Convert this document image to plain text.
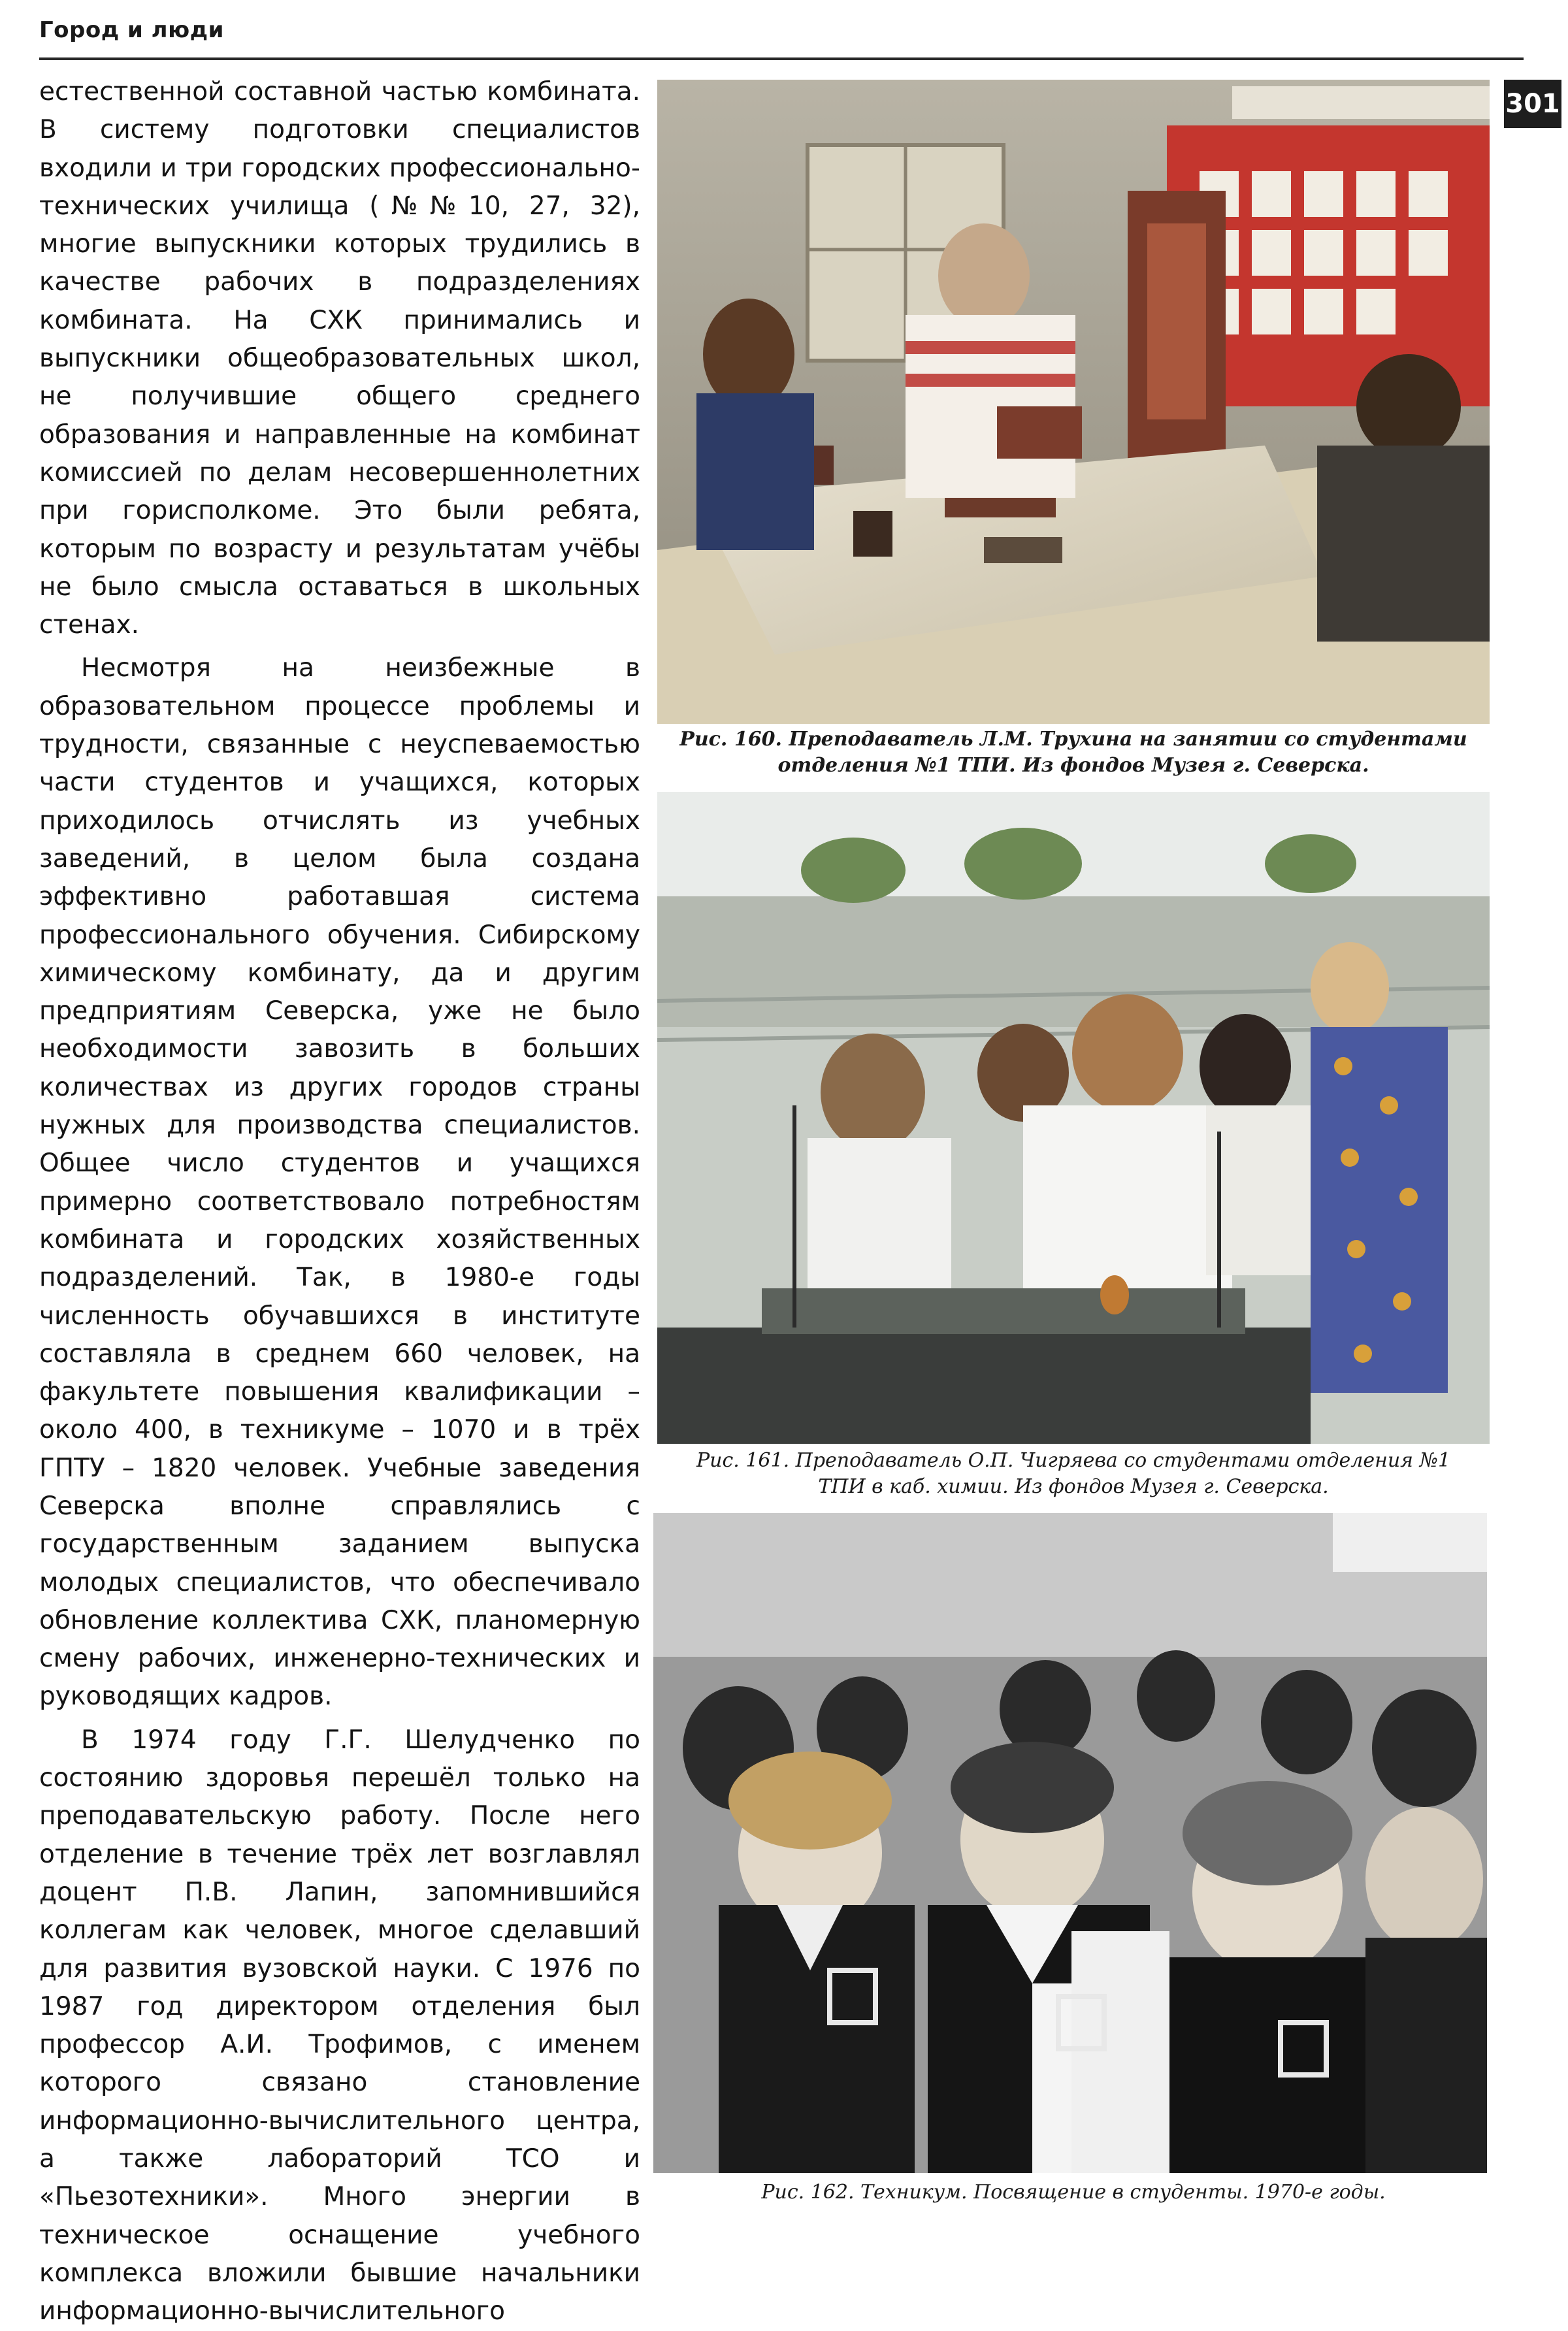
Город и люди
301

естественной составной частью комбината. В систему подготовки специалистов входили и три городских профессионально-технических училища (№№10, 27, 32), многие выпускники которых трудились в качестве рабочих в подразделениях комбината. На СХК принимались и выпускники общеобразовательных школ, не получившие общего среднего образования и направленные на комбинат комиссией по делам несовершеннолетних при горисполкоме. Это были ребята, которым по возрасту и результатам учёбы не было смысла оставаться в школьных стенах.

Несмотря на неизбежные в образовательном процессе проблемы и трудности, связанные с неуспеваемостью части студентов и учащихся, которых приходилось отчислять из учебных заведений, в целом была создана эффективно работавшая система профессионального обучения. Сибирскому химическому комбинату, да и другим предприятиям Северска, уже не было необходимости завозить в больших количествах из других городов страны нужных для производства специалистов. Общее число студентов и учащихся примерно соответствовало потребностям комбината и городских хозяйственных подразделений. Так, в 1980-е годы численность обучавшихся в институте составляла в среднем 660 человек, на факультете повышения квалификации – около 400, в техникуме – 1070 и в трёх ГПТУ – 1820 человек. Учебные заведения Северска вполне справлялись с государственным заданием выпуска молодых специалистов, что обеспечивало обновление коллектива СХК, планомерную смену рабочих, инженерно-технических и руководящих кадров.

В 1974 году Г.Г. Шелудченко по состоянию здоровья перешёл только на преподавательскую работу. После него отделение в течение трёх лет возглавлял доцент П.В. Лапин, запомнившийся коллегам как человек, многое сделавший для развития вузовской науки. С 1976 по 1987 год директором отделения был профессор А.И. Трофимов, с именем которого связано становление информационно-вычислительного центра, а также лабораторий ТСО и «Пьезотехники». Много энергии в техническое оснащение учебного комплекса вложили бывшие начальники информационно-вычислительного

Рис. 160. Преподаватель Л.М. Трухина на занятии со студентами
отделения №1 ТПИ. Из фондов Музея г. Северска.
Рис. 161. Преподаватель О.П. Чигряева со студентами отделения №1
ТПИ в каб. химии. Из фондов Музея г. Северска.
Рис. 162. Техникум. Посвящение в студенты. 1970-е годы.
